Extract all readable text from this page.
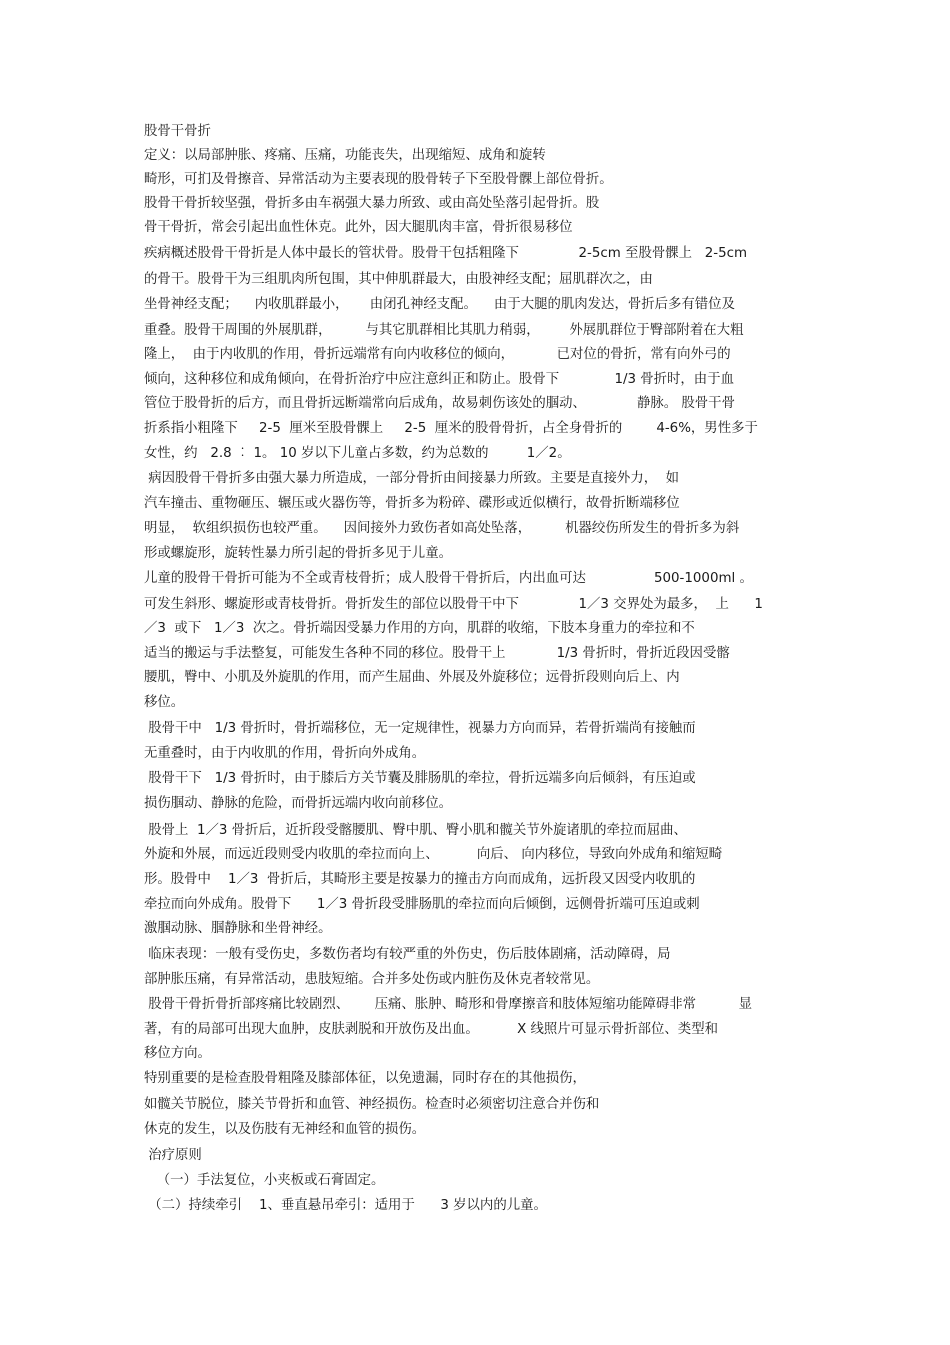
股骨干骨折
定义：以局部肿胀、疼痛、压痛，功能丧失，出现缩短、成角和旋转
畸形，可扪及骨擦音、异常活动为主要表现的股骨转子下至股骨髁上部位骨折。
股骨干骨折较坚强，骨折多由车祸强大暴力所致、或由高处坠落引起骨折。股
骨干骨折，常会引起出血性休克。此外，因大腿肌肉丰富，骨折很易移位
疾病概述股骨干骨折是人体中最长的管状骨。股骨干包括粗隆下              2-5cm 至股骨髁上   2-5cm
的骨干。股骨干为三组肌肉所包围，其中伸肌群最大，由股神经支配；屈肌群次之，由
坐骨神经支配；    内收肌群最小，     由闭孔神经支配。    由于大腿的肌肉发达，骨折后多有错位及
重叠。股骨干周围的外展肌群，        与其它肌群相比其肌力稍弱，       外展肌群位于臀部附着在大粗
隆上，  由于内收肌的作用，骨折远端常有向内收移位的倾向，          已对位的骨折，常有向外弓的
倾向，这种移位和成角倾向，在骨折治疗中应注意纠正和防止。股骨下             1/3 骨折时，由于血
管位于股骨折的后方，而且骨折远断端常向后成角，故易刺伤该处的腘动、            静脉。 股骨干骨
折系指小粗隆下     2-5  厘米至股骨髁上     2-5  厘米的股骨骨折，占全身骨折的        4-6%，男性多于
女性，约   2.8 ︰ 1。 10 岁以下儿童占多数，约为总数的         1／2。
病因股骨干骨折多由强大暴力所造成，一部分骨折由间接暴力所致。主要是直接外力，  如
汽车撞击、重物砸压、辗压或火器伤等，骨折多为粉碎、碟形或近似横行，故骨折断端移位
明显，  软组织损伤也较严重。    因间接外力致伤者如高处坠落，        机器绞伤所发生的骨折多为斜
形或螺旋形，旋转性暴力所引起的骨折多见于儿童。
儿童的股骨干骨折可能为不全或青枝骨折；成人股骨干骨折后，内出血可达                500-1000ml 。
可发生斜形、螺旋形或青枝骨折。骨折发生的部位以股骨干中下              1／3 交界处为最多，  上      1
／3  或下   1／3  次之。骨折端因受暴力作用的方向，肌群的收缩，下肢本身重力的牵拉和不
适当的搬运与手法整复，可能发生各种不同的移位。股骨干上            1/3 骨折时，骨折近段因受髂
腰肌，臀中、小肌及外旋肌的作用，而产生屈曲、外展及外旋移位；远骨折段则向后上、内
移位。
股骨干中   1/3 骨折时，骨折端移位，无一定规律性，视暴力方向而异，若骨折端尚有接触而
无重叠时，由于内收肌的作用，骨折向外成角。
股骨干下   1/3 骨折时，由于膝后方关节囊及腓肠肌的牵拉，骨折远端多向后倾斜，有压迫或
损伤腘动、静脉的危险，而骨折远端内收向前移位。
股骨上  1／3 骨折后，近折段受髂腰肌、臀中肌、臀小肌和髋关节外旋诸肌的牵拉而屈曲、
外旋和外展，而远近段则受内收肌的牵拉而向上、         向后、 向内移位，导致向外成角和缩短畸
形。股骨中    1／3  骨折后，其畸形主要是按暴力的撞击方向而成角，远折段又因受内收肌的
牵拉而向外成角。股骨下      1／3 骨折段受腓肠肌的牵拉而向后倾倒，远侧骨折端可压迫或刺
激腘动脉、腘静脉和坐骨神经。
临床表现：一般有受伤史，多数伤者均有较严重的外伤史，伤后肢体剧痛，活动障碍，局
部肿胀压痛，有异常活动，患肢短缩。合并多处伤或内脏伤及休克者较常见。
股骨干骨折骨折部疼痛比较剧烈、      压痛、胀肿、畸形和骨摩擦音和肢体短缩功能障碍非常          显
著，有的局部可出现大血肿，皮肤剥脱和开放伤及出血。         X 线照片可显示骨折部位、类型和
移位方向。
特别重要的是检查股骨粗隆及膝部体征，以免遗漏，同时存在的其他损伤，
如髋关节脱位，膝关节骨折和血管、神经损伤。检查时必须密切注意合并伤和
休克的发生，以及伤肢有无神经和血管的损伤。
治疗原则
（一）手法复位，小夹板或石膏固定。
（二）持续牵引    1、垂直悬吊牵引：适用于      3 岁以内的儿童。
